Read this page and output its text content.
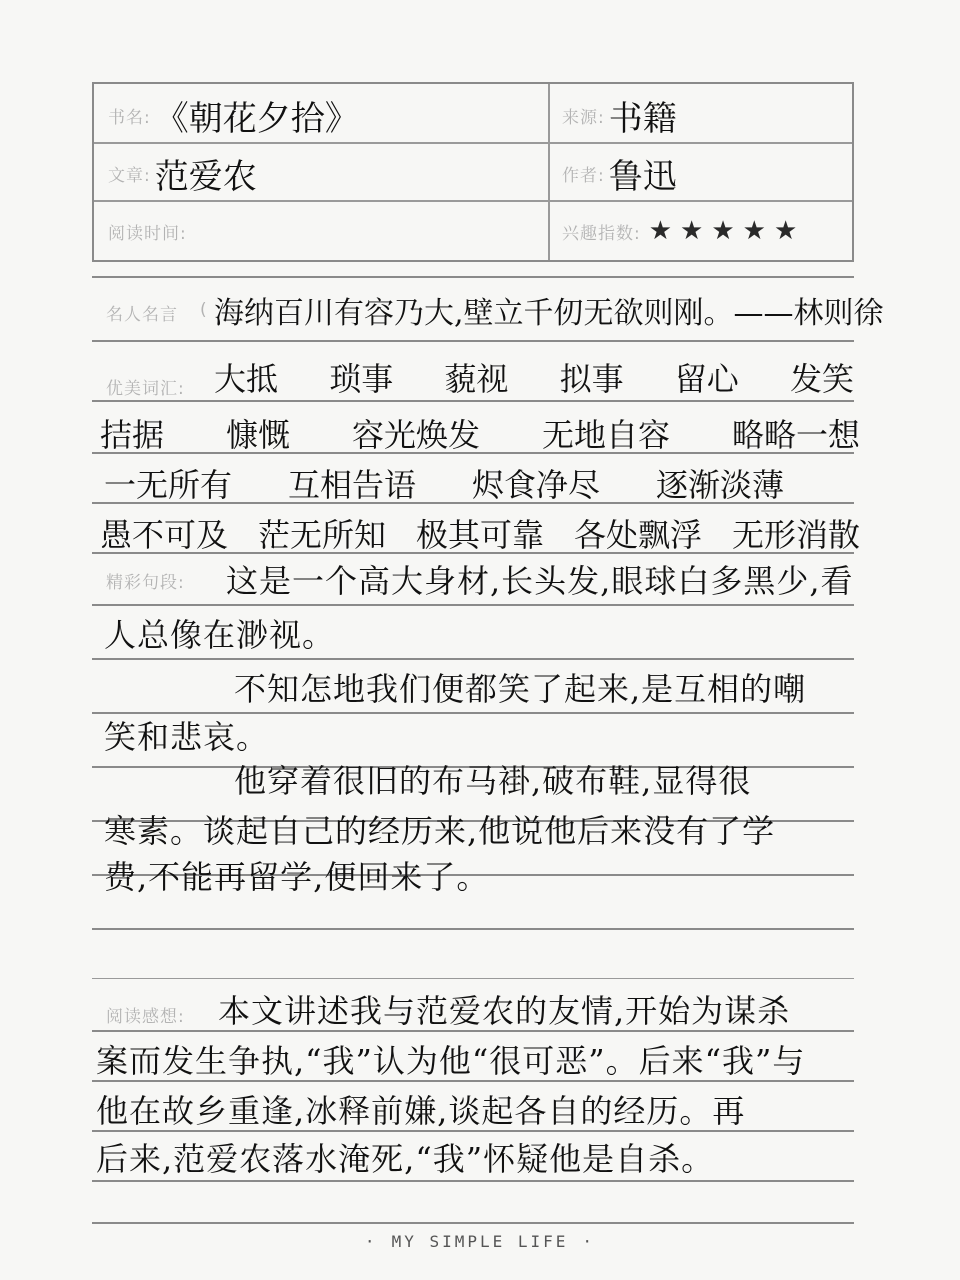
书名: 《朝花夕拾》	来源: 书籍
文章: 范爱农	作者: 鲁迅
阅读时间:	兴趣指数: ★ ★ ★ ★ ★
名人名言 ( 海纳百川有容乃大,壁立千仞无欲则刚。——林则徐
优美词汇: 大抵 琐事 藐视 拟事 留心 发笑
拮据 慷慨 容光焕发 无地自容 略略一想
一无所有 互相告语 烬食净尽 逐渐淡薄
愚不可及 茫无所知 极其可靠 各处飘浮 无形消散
精彩句段: 这是一个高大身材,长头发,眼球白多黑少,看
人总像在渺视。
不知怎地我们便都笑了起来,是互相的嘲
笑和悲哀。
他穿着很旧的布马褂,破布鞋,显得很
寒素。谈起自己的经历来,他说他后来没有了学
费,不能再留学,便回来了。
阅读感想: 本文讲述我与范爱农的友情,开始为谋杀
案而发生争执,“我”认为他“很可恶”。后来“我”与
他在故乡重逢,冰释前嫌,谈起各自的经历。再
后来,范爱农落水淹死,“我”怀疑他是自杀。
· MY SIMPLE LIFE ·
